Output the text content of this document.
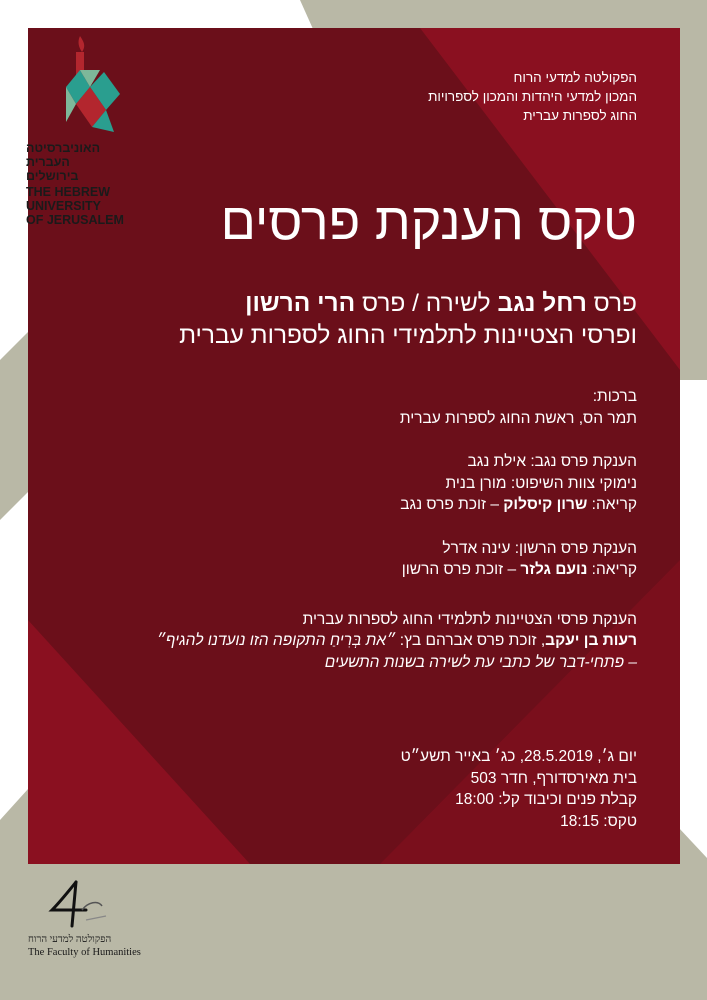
האוניברסיטה
העברית
בירושלים
THE HEBREW
UNIVERSITY
OF JERUSALEM
הפקולטה למדעי הרוח
המכון למדעי היהדות והמכון לספרויות
החוג לספרות עברית
טקס הענקת פרסים
פרס רחל נגב לשירה / פרס הרי הרשון
ופרסי הצטיינות לתלמידי החוג לספרות עברית

ברכות:

תמר הס, ראשת החוג לספרות עברית

הענקת פרס נגב: אילת נגב

נימוקי צוות השיפוט: מורן בנית

קריאה: שרון קיסלוק – זוכת פרס נגב

הענקת פרס הרשון: עינה אדרל

קריאה: נועם גלזר – זוכת פרס הרשון

הענקת פרסי הצטיינות לתלמידי החוג לספרות עברית

רעות בן יעקב, זוכת פרס אברהם בץ: ״את בְּרִיחַ התקופה הזו נועדנו להגיף״

– פתחי-דבר של כתבי עת לשירה בשנות התשעים

יום ג׳, 28.5.2019, כג׳ באייר תשע״ט

בית מאירסדורף, חדר 503

קבלת פנים וכיבוד קל: 18:00

טקס: 18:15

הפקולטה למדעי הרוח
The Faculty of Humanities
